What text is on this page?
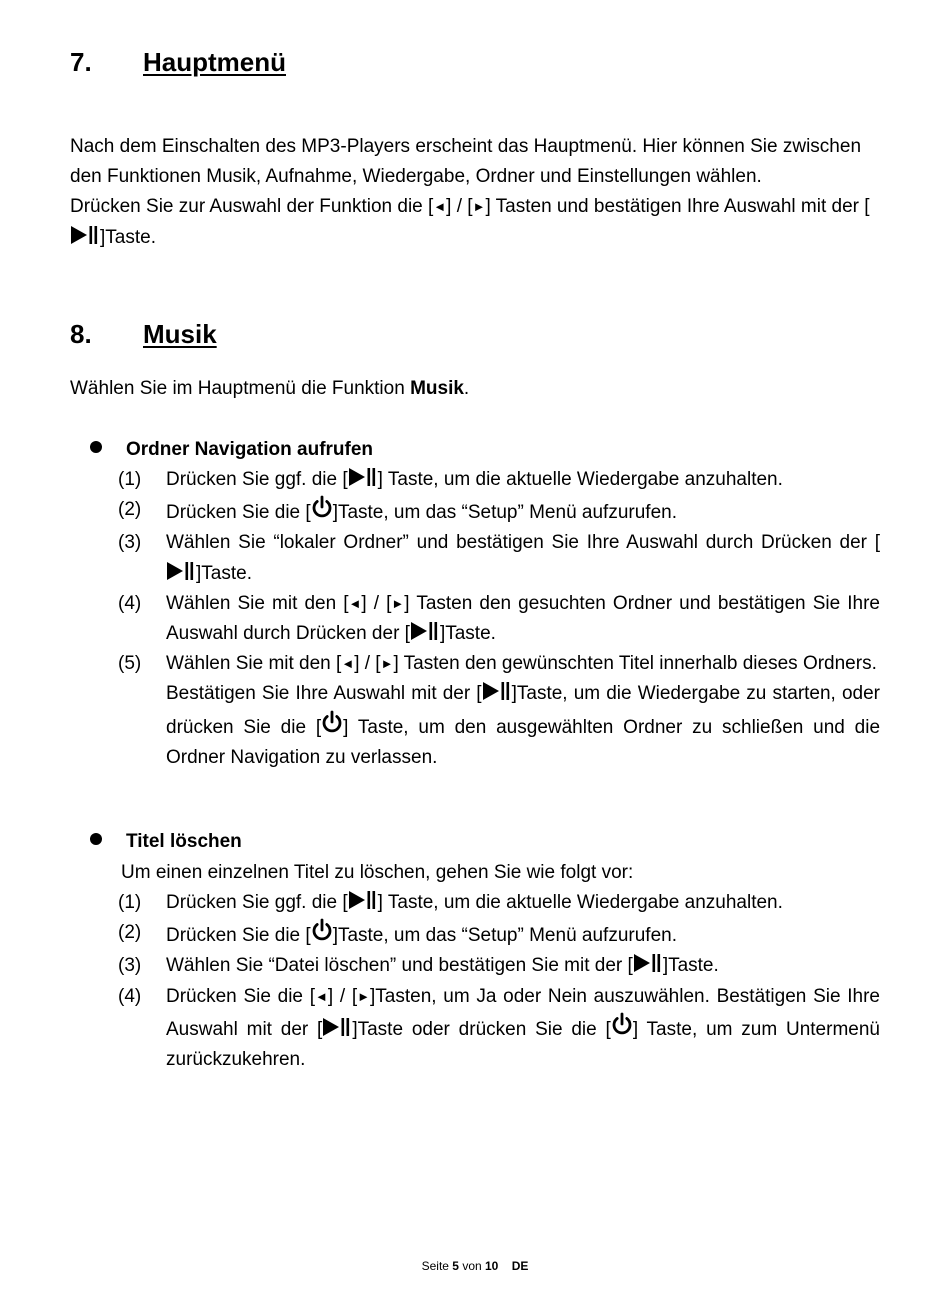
7. Hauptmenü

Nach dem Einschalten des MP3-Players erscheint das Hauptmenü. Hier können Sie zwischen den Funktionen Musik, Aufnahme, Wiedergabe, Ordner und Einstellungen wählen.
Drücken Sie zur Auswahl der Funktion die [◄] / [►] Tasten und bestätigen Ihre Auswahl mit der []Taste.

8. Musik

Wählen Sie im Hauptmenü die Funktion Musik.

Ordner Navigation aufrufen
(1)	Drücken Sie ggf. die [ ] Taste, um die aktuelle Wiedergabe anzuhalten.
(2)	Drücken Sie die [ ]Taste, um das “Setup” Menü aufzurufen.
(3)	Wählen Sie “lokaler Ordner” und bestätigen Sie Ihre Auswahl durch Drücken der []Taste.
(4)	Wählen Sie mit den [◄] / [►] Tasten den gesuchten Ordner und bestätigen Sie Ihre Auswahl durch Drücken der [ ]Taste.
(5)	Wählen Sie mit den [◄] / [►] Tasten den gewünschten Titel innerhalb dieses Ordners.
Bestätigen Sie Ihre Auswahl mit der [ ]Taste, um die Wiedergabe zu starten, oder drücken Sie die [ ] Taste, um den ausgewählten Ordner zu schließen und die Ordner Navigation zu verlassen.
Titel löschen

Um einen einzelnen Titel zu löschen, gehen Sie wie folgt vor:

(1)	Drücken Sie ggf. die [ ] Taste, um die aktuelle Wiedergabe anzuhalten.
(2)	Drücken Sie die [ ]Taste, um das “Setup” Menü aufzurufen.
(3)	Wählen Sie “Datei löschen” und bestätigen Sie mit der [ ]Taste.
(4)	Drücken Sie die [◄] / [►]Tasten, um Ja oder Nein auszuwählen. Bestätigen Sie Ihre Auswahl mit der [ ]Taste oder drücken Sie die [ ] Taste, um zum Untermenü zurückzukehren.
Seite 5 von 10 DE
